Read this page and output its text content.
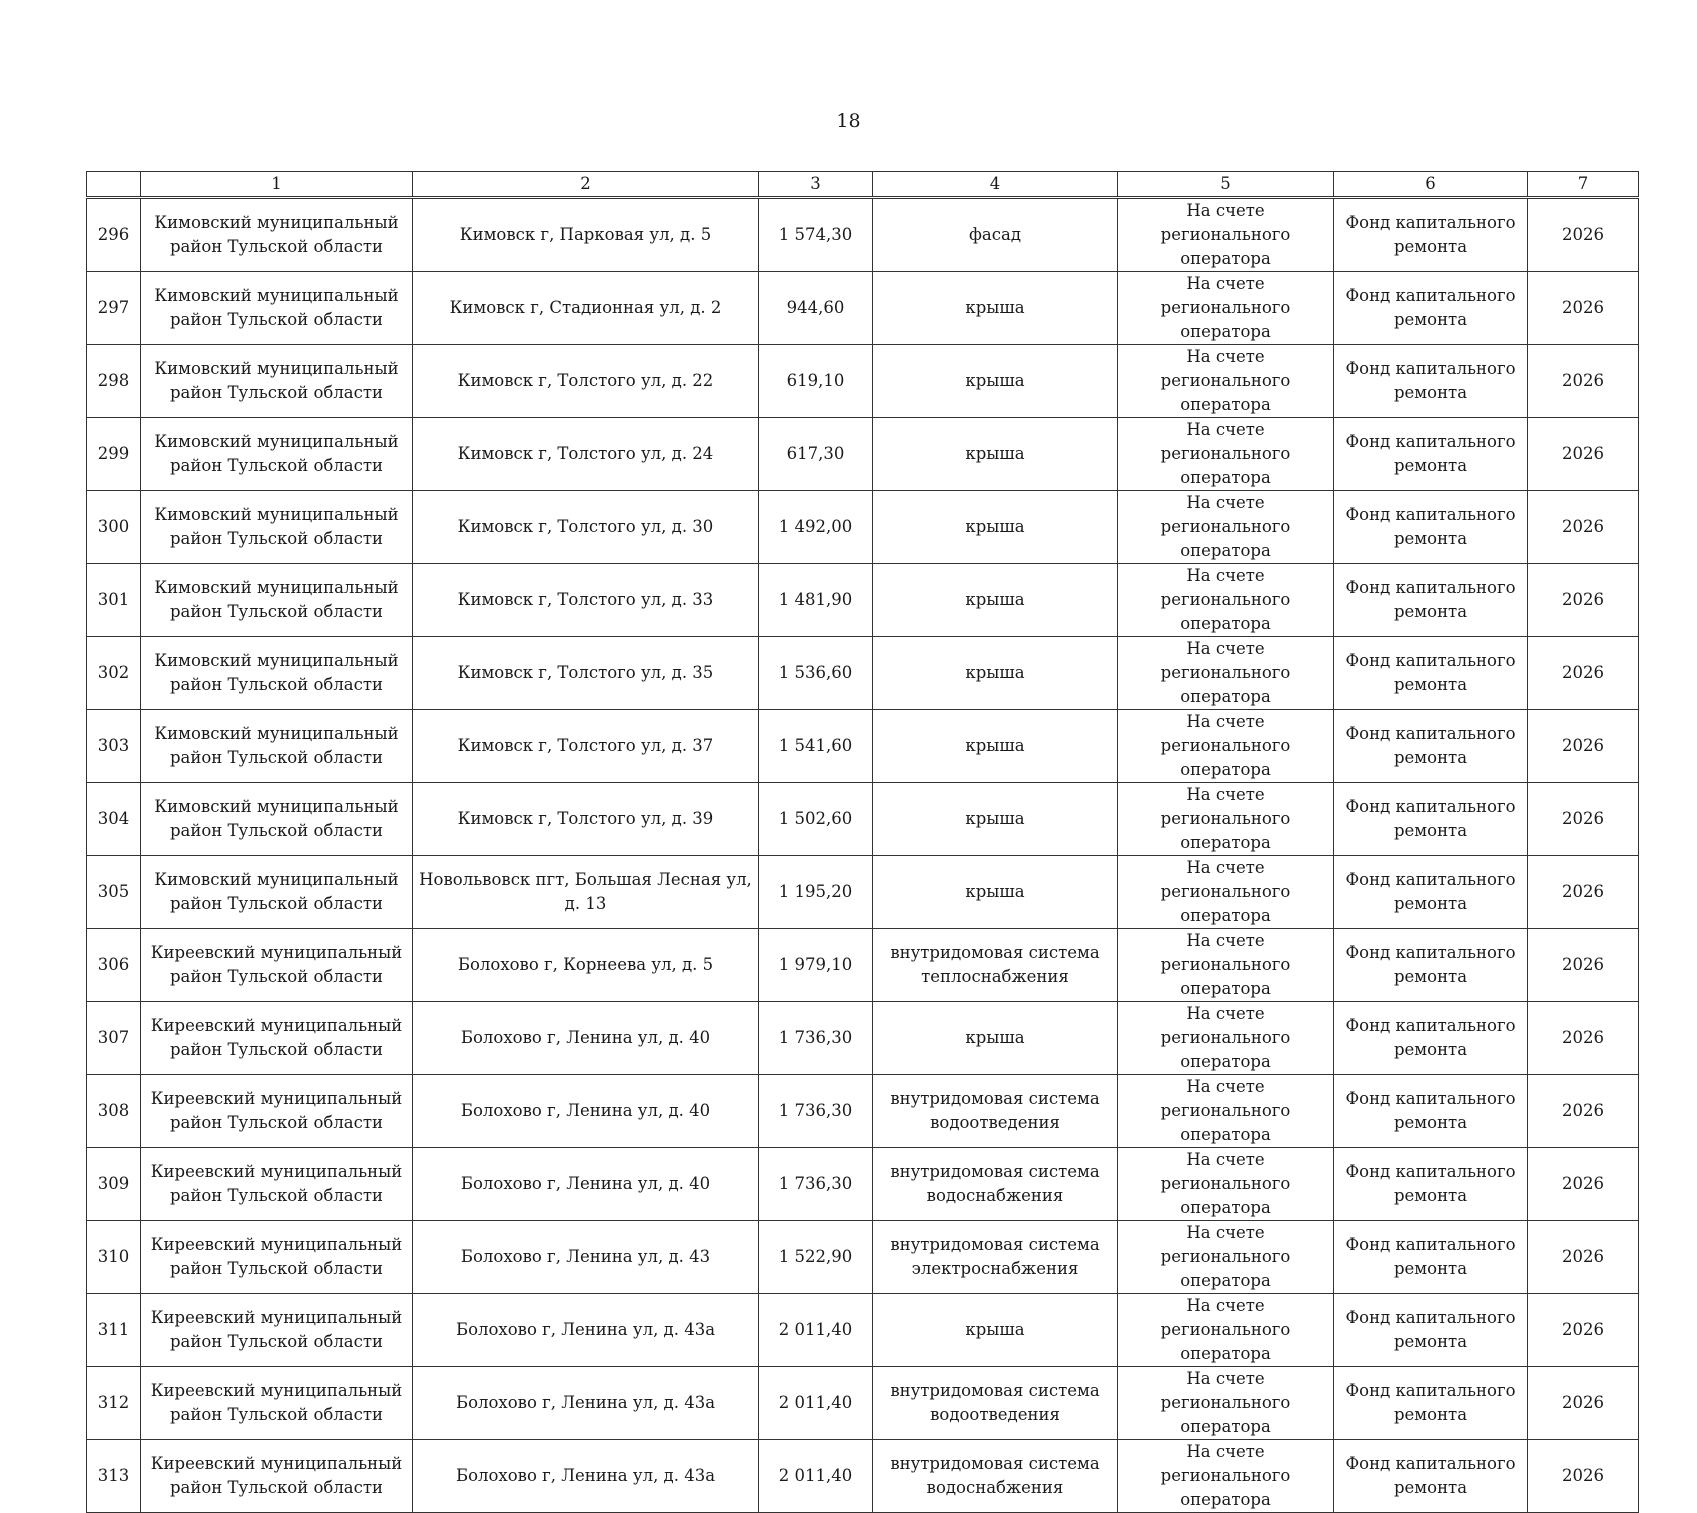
18
	1	2	3	4	5	6	7
296	Кимовский муниципальный район Тульской области	Кимовск г, Парковая ул, д. 5	1 574,30	фасад	На счете регионального оператора	Фонд капитального ремонта	2026
297	Кимовский муниципальный район Тульской области	Кимовск г, Стадионная ул, д. 2	944,60	крыша	На счете регионального оператора	Фонд капитального ремонта	2026
298	Кимовский муниципальный район Тульской области	Кимовск г, Толстого ул, д. 22	619,10	крыша	На счете регионального оператора	Фонд капитального ремонта	2026
299	Кимовский муниципальный район Тульской области	Кимовск г, Толстого ул, д. 24	617,30	крыша	На счете регионального оператора	Фонд капитального ремонта	2026
300	Кимовский муниципальный район Тульской области	Кимовск г, Толстого ул, д. 30	1 492,00	крыша	На счете регионального оператора	Фонд капитального ремонта	2026
301	Кимовский муниципальный район Тульской области	Кимовск г, Толстого ул, д. 33	1 481,90	крыша	На счете регионального оператора	Фонд капитального ремонта	2026
302	Кимовский муниципальный район Тульской области	Кимовск г, Толстого ул, д. 35	1 536,60	крыша	На счете регионального оператора	Фонд капитального ремонта	2026
303	Кимовский муниципальный район Тульской области	Кимовск г, Толстого ул, д. 37	1 541,60	крыша	На счете регионального оператора	Фонд капитального ремонта	2026
304	Кимовский муниципальный район Тульской области	Кимовск г, Толстого ул, д. 39	1 502,60	крыша	На счете регионального оператора	Фонд капитального ремонта	2026
305	Кимовский муниципальный район Тульской области	Новольвовск пгт, Большая Лесная ул, д. 13	1 195,20	крыша	На счете регионального оператора	Фонд капитального ремонта	2026
306	Киреевский муниципальный район Тульской области	Болохово г, Корнеева ул, д. 5	1 979,10	внутридомовая система теплоснабжения	На счете регионального оператора	Фонд капитального ремонта	2026
307	Киреевский муниципальный район Тульской области	Болохово г, Ленина ул, д. 40	1 736,30	крыша	На счете регионального оператора	Фонд капитального ремонта	2026
308	Киреевский муниципальный район Тульской области	Болохово г, Ленина ул, д. 40	1 736,30	внутридомовая система водоотведения	На счете регионального оператора	Фонд капитального ремонта	2026
309	Киреевский муниципальный район Тульской области	Болохово г, Ленина ул, д. 40	1 736,30	внутридомовая система водоснабжения	На счете регионального оператора	Фонд капитального ремонта	2026
310	Киреевский муниципальный район Тульской области	Болохово г, Ленина ул, д. 43	1 522,90	внутридомовая система электроснабжения	На счете регионального оператора	Фонд капитального ремонта	2026
311	Киреевский муниципальный район Тульской области	Болохово г, Ленина ул, д. 43а	2 011,40	крыша	На счете регионального оператора	Фонд капитального ремонта	2026
312	Киреевский муниципальный район Тульской области	Болохово г, Ленина ул, д. 43а	2 011,40	внутридомовая система водоотведения	На счете регионального оператора	Фонд капитального ремонта	2026
313	Киреевский муниципальный район Тульской области	Болохово г, Ленина ул, д. 43а	2 011,40	внутридомовая система водоснабжения	На счете регионального оператора	Фонд капитального ремонта	2026
